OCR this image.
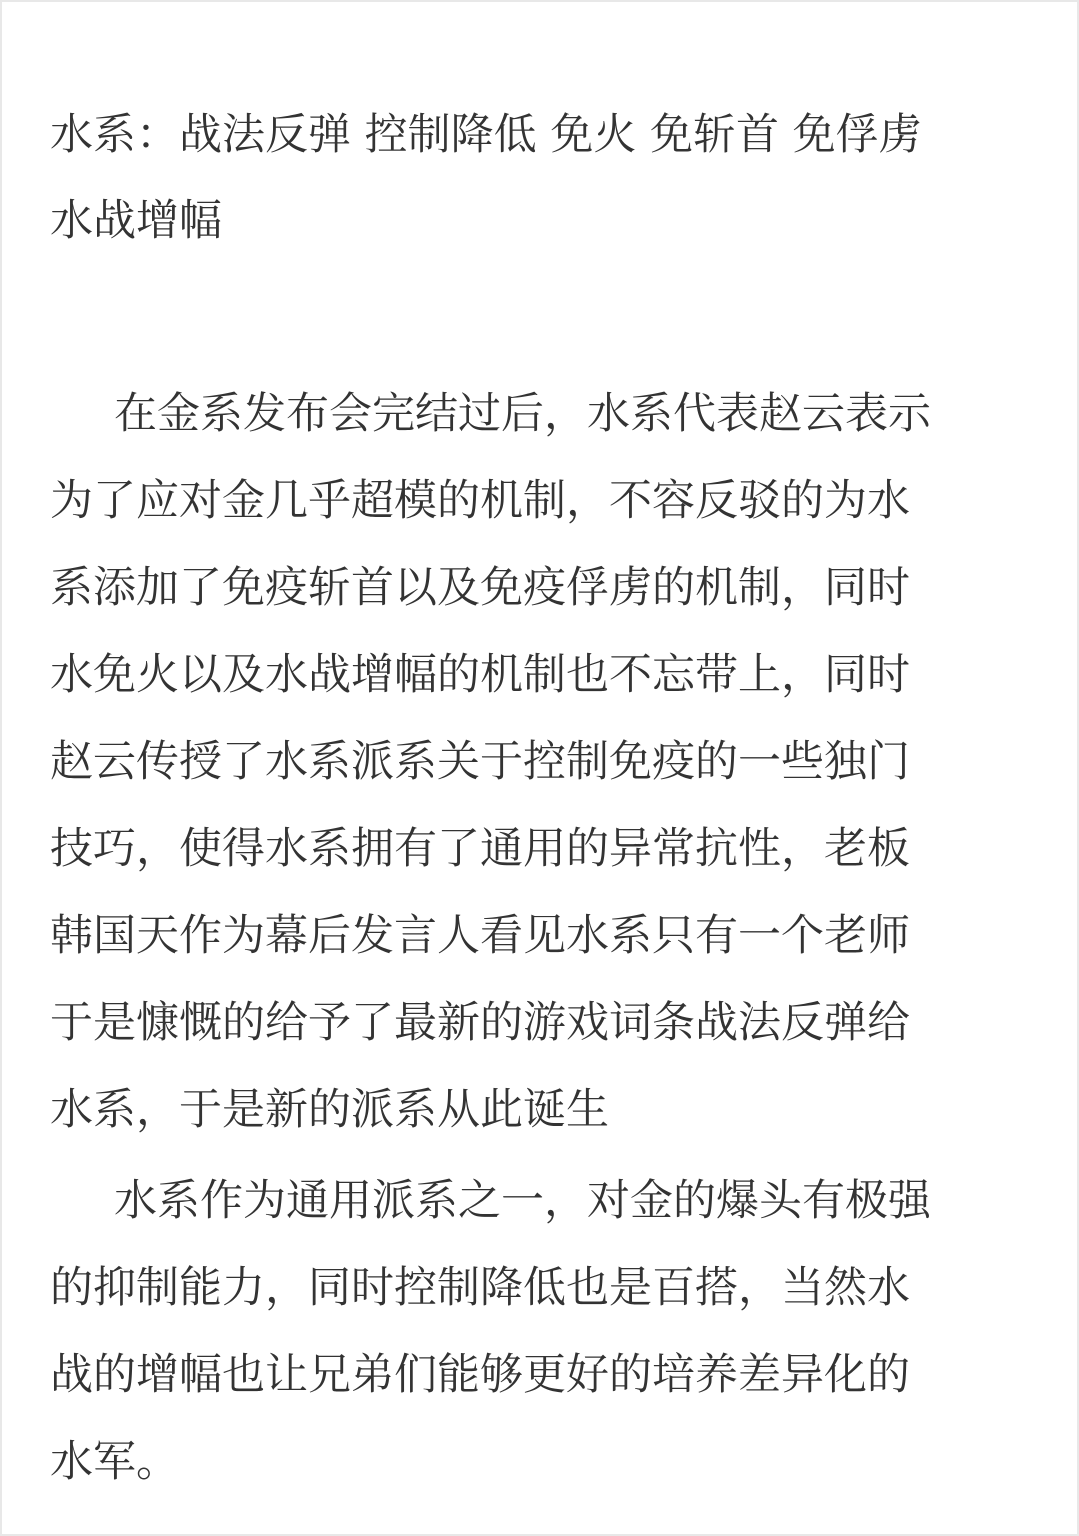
水系：战法反弹 控制降低 免火 免斩首 免俘虏
水战增幅
在金系发布会完结过后，水系代表赵云表示
为了应对金几乎超模的机制，不容反驳的为水
系添加了免疫斩首以及免疫俘虏的机制，同时
水免火以及水战增幅的机制也不忘带上，同时
赵云传授了水系派系关于控制免疫的一些独门
技巧，使得水系拥有了通用的异常抗性，老板
韩国天作为幕后发言人看见水系只有一个老师
于是慷慨的给予了最新的游戏词条战法反弹给
水系，于是新的派系从此诞生
水系作为通用派系之一，对金的爆头有极强
的抑制能力，同时控制降低也是百搭，当然水
战的增幅也让兄弟们能够更好的培养差异化的
水军。
